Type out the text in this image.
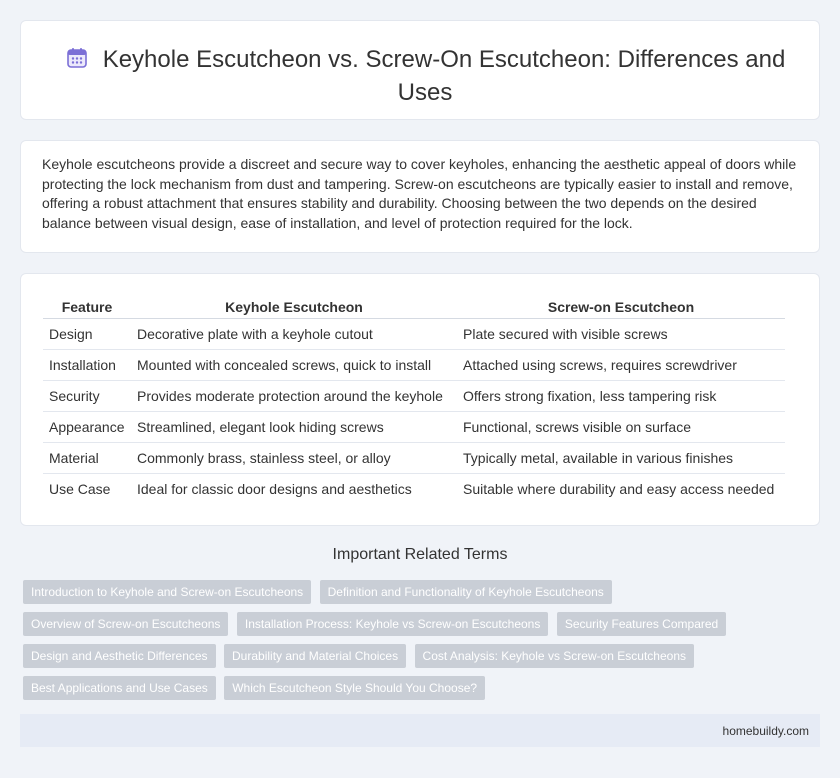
Keyhole Escutcheon vs. Screw-On Escutcheon: Differences and Uses

Keyhole escutcheons provide a discreet and secure way to cover keyholes, enhancing the aesthetic appeal of doors while protecting the lock mechanism from dust and tampering. Screw-on escutcheons are typically easier to install and remove, offering a robust attachment that ensures stability and durability. Choosing between the two depends on the desired balance between visual design, ease of installation, and level of protection required for the lock.

Feature	Keyhole Escutcheon	Screw-on Escutcheon
Design	Decorative plate with a keyhole cutout	Plate secured with visible screws
Installation	Mounted with concealed screws, quick to install	Attached using screws, requires screwdriver
Security	Provides moderate protection around the keyhole	Offers strong fixation, less tampering risk
Appearance	Streamlined, elegant look hiding screws	Functional, screws visible on surface
Material	Commonly brass, stainless steel, or alloy	Typically metal, available in various finishes
Use Case	Ideal for classic door designs and aesthetics	Suitable where durability and easy access needed
Important Related Terms
Introduction to Keyhole and Screw-on Escutcheons Definition and Functionality of Keyhole Escutcheons Overview of Screw-on Escutcheons Installation Process: Keyhole vs Screw-on Escutcheons Security Features Compared Design and Aesthetic Differences Durability and Material Choices Cost Analysis: Keyhole vs Screw-on Escutcheons Best Applications and Use Cases Which Escutcheon Style Should You Choose?
homebuildy.com
